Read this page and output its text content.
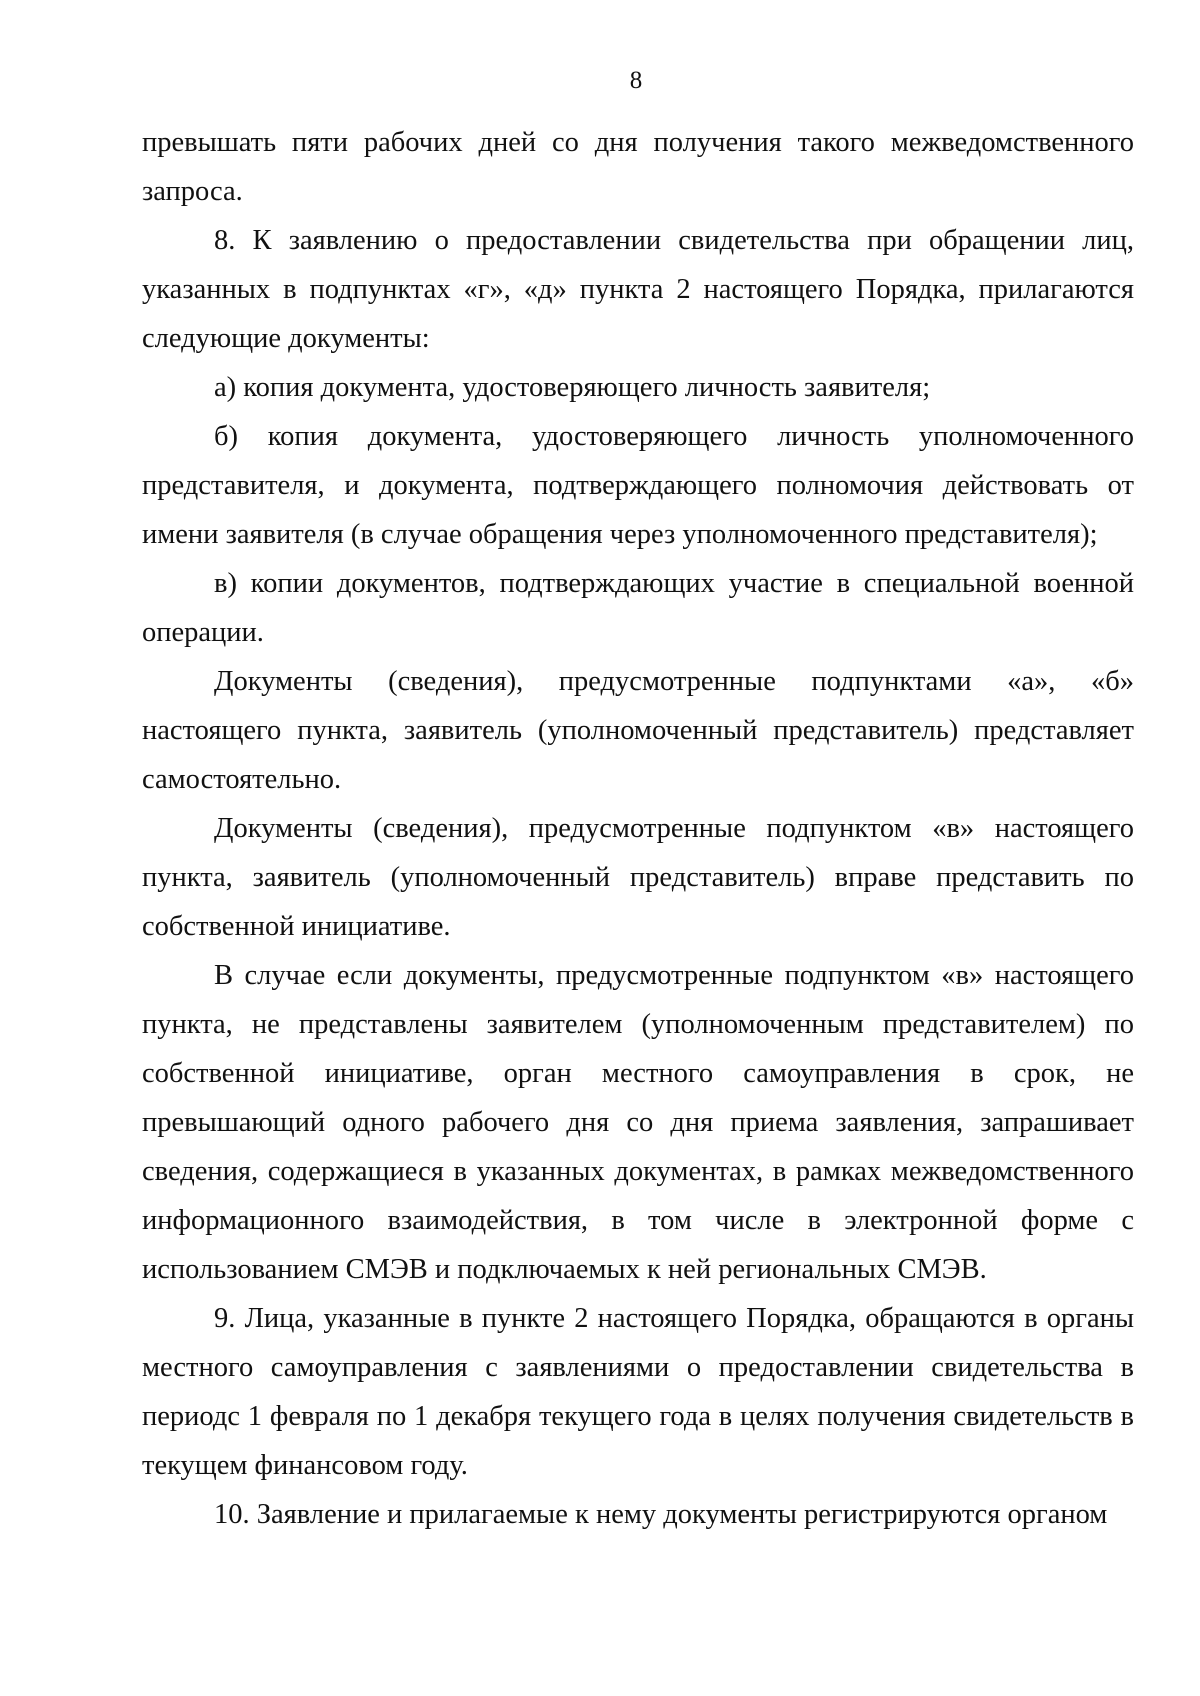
8

превышать пяти рабочих дней со дня получения такого межведомственного запроса.

8. К заявлению о предоставлении свидетельства при обращении лиц, указанных в подпунктах «г», «д» пункта 2 настоящего Порядка, прилагаются следующие документы:

а) копия документа, удостоверяющего личность заявителя;

б) копия документа, удостоверяющего личность уполномоченного представителя, и документа, подтверждающего полномочия действовать от имени заявителя (в случае обращения через уполномоченного представителя);

в) копии документов, подтверждающих участие в специальной военной операции.

Документы (сведения), предусмотренные подпунктами «а», «б» настоящего пункта, заявитель (уполномоченный представитель) представляет самостоятельно.

Документы (сведения), предусмотренные подпунктом «в» настоящего пункта, заявитель (уполномоченный представитель) вправе представить по собственной инициативе.

В случае если документы, предусмотренные подпунктом «в» настоящего пункта, не представлены заявителем (уполномоченным представителем) по собственной инициативе, орган местного самоуправления в срок, не превышающий одного рабочего дня со дня приема заявления, запрашивает сведения, содержащиеся в указанных документах, в рамках межведомственного информационного взаимодействия, в том числе в электронной форме с использованием СМЭВ и подключаемых к ней региональных СМЭВ.

9. Лица, указанные в пункте 2 настоящего Порядка, обращаются в органы местного самоуправления с заявлениями о предоставлении свидетельства в периодс 1 февраля по 1 декабря текущего года в целях получения свидетельств в текущем финансовом году.

10. Заявление и прилагаемые к нему документы регистрируются органом
